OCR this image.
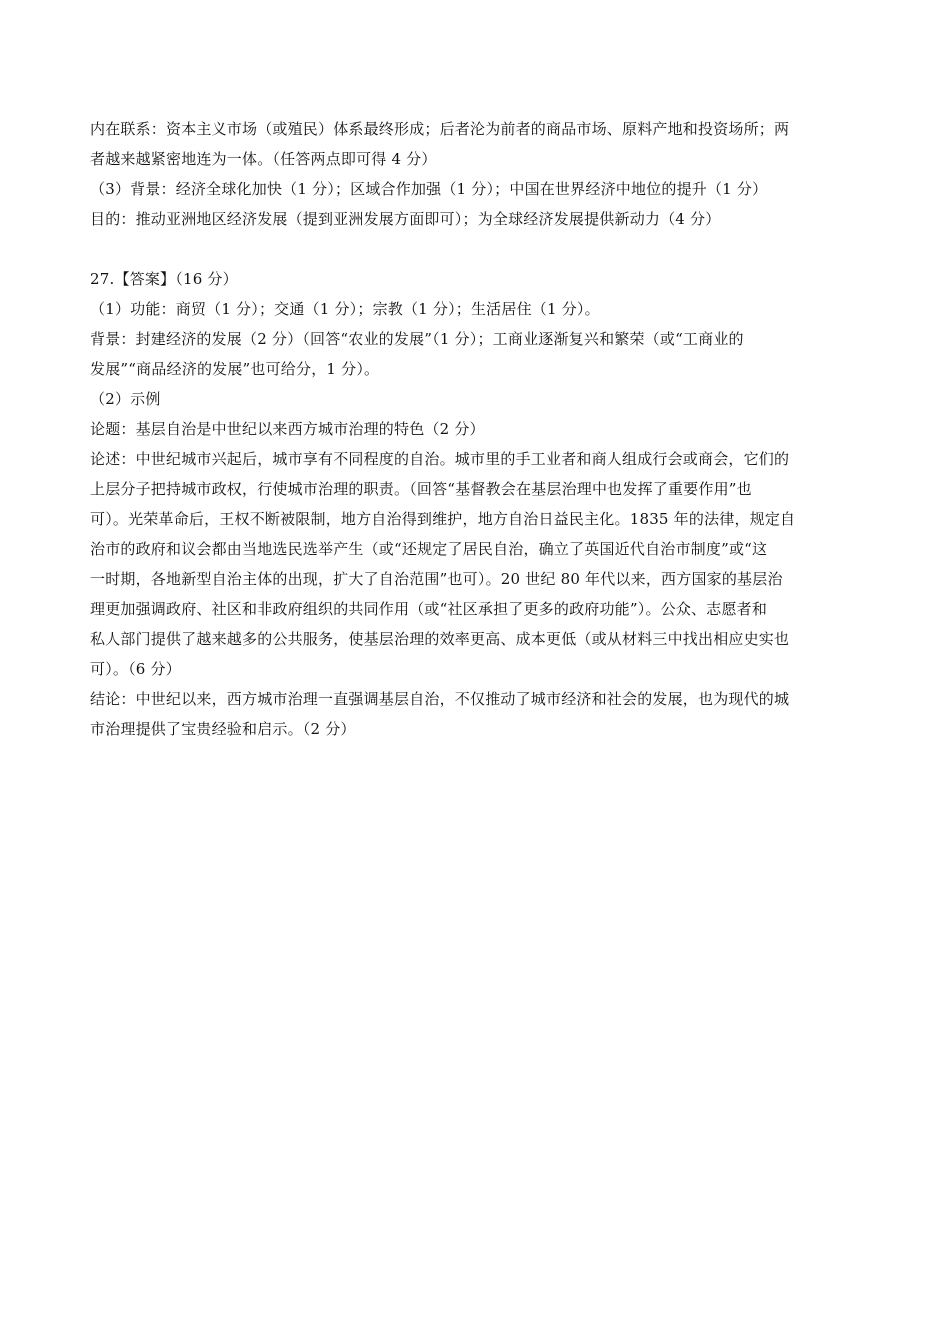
内在联系：资本主义市场（或殖民）体系最终形成；后者沦为前者的商品市场、原料产地和投资场所；两
者越来越紧密地连为一体。（任答两点即可得 4 分）
（3）背景：经济全球化加快（1 分）；区域合作加强（1 分）；中国在世界经济中地位的提升（1 分）
目的：推动亚洲地区经济发展（提到亚洲发展方面即可）；为全球经济发展提供新动力（4 分）
27.【答案】（16 分）
（1）功能：商贸（1 分）；交通（1 分）；宗教（1 分）；生活居住（1 分）。
背景：封建经济的发展（2 分）（回答“农业的发展”（1 分）；工商业逐渐复兴和繁荣（或“工商业的
发展”“商品经济的发展”也可给分，1 分）。
（2）示例
论题：基层自治是中世纪以来西方城市治理的特色（2 分）
论述：中世纪城市兴起后，城市享有不同程度的自治。城市里的手工业者和商人组成行会或商会，它们的
上层分子把持城市政权，行使城市治理的职责。（回答“基督教会在基层治理中也发挥了重要作用”也
可）。光荣革命后，王权不断被限制，地方自治得到维护，地方自治日益民主化。1835 年的法律，规定自
治市的政府和议会都由当地选民选举产生（或“还规定了居民自治，确立了英国近代自治市制度”或“这
一时期，各地新型自治主体的出现，扩大了自治范围”也可）。20 世纪 80 年代以来，西方国家的基层治
理更加强调政府、社区和非政府组织的共同作用（或“社区承担了更多的政府功能”）。公众、志愿者和
私人部门提供了越来越多的公共服务，使基层治理的效率更高、成本更低（或从材料三中找出相应史实也
可）。（6 分）
结论：中世纪以来，西方城市治理一直强调基层自治，不仅推动了城市经济和社会的发展，也为现代的城
市治理提供了宝贵经验和启示。（2 分）
